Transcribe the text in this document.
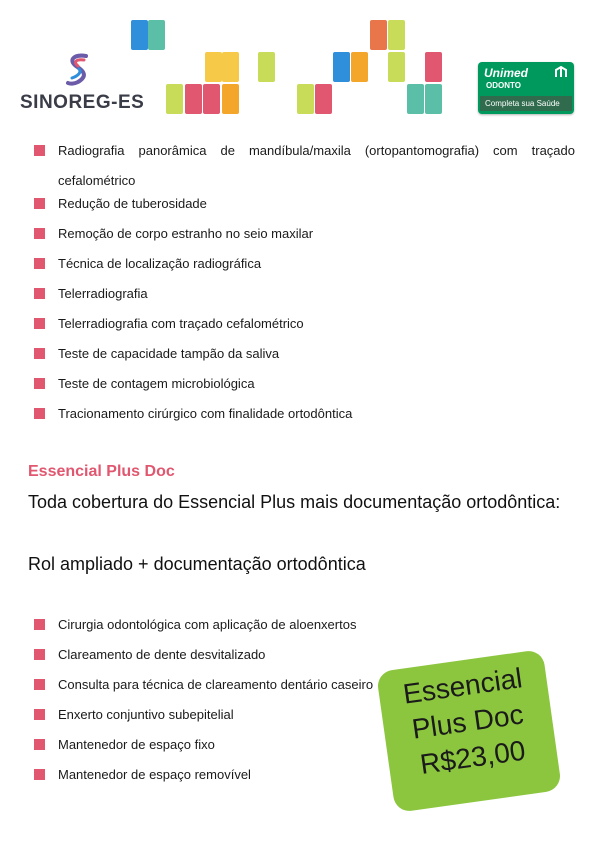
SINOREG-ES
Unimed
ODONTO
Completa sua Saúde
Radiografia panorâmica de mandíbula/maxila (ortopantomografia) com traçado cefalométrico
Redução de tuberosidade
Remoção de corpo estranho no seio maxilar
Técnica de localização radiográfica
Telerradiografia
Telerradiografia com traçado cefalométrico
Teste de capacidade tampão da saliva
Teste de contagem microbiológica
Tracionamento cirúrgico com finalidade ortodôntica
Essencial Plus Doc

Toda cobertura do Essencial Plus mais documentação ortodôntica:

Rol ampliado + documentação ortodôntica

Cirurgia odontológica com aplicação de aloenxertos
Clareamento de dente desvitalizado
Consulta para técnica de clareamento dentário caseiro
Enxerto conjuntivo subepitelial
Mantenedor de espaço fixo
Mantenedor de espaço removível
Essencial
Plus Doc
R$23,00
